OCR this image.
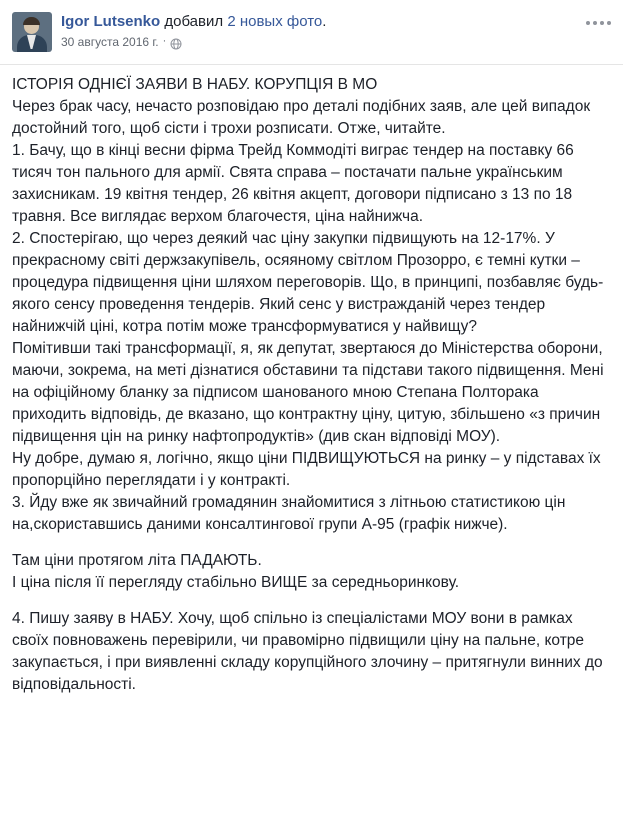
Igor Lutsenko добавил 2 новых фото.
30 августа 2016 г. ·

ІСТОРІЯ ОДНІЄЇ ЗАЯВИ В НАБУ. КОРУПЦІЯ В МО

Через брак часу, нечасто розповідаю про деталі подібних заяв, але цей випадок достойний того, щоб сісти і трохи розписати. Отже, читайте.

1. Бачу, що в кінці весни фірма Трейд Коммодіті виграє тендер на поставку 66 тисяч тон пального для армії. Свята справа – постачати пальне українським захисникам. 19 квітня тендер, 26 квітня акцепт, договори підписано з 13 по 18 травня. Все виглядає верхом благочестя, ціна найнижча.

2. Спостерігаю, що через деякий час ціну закупки підвищують на 12-17%. У прекрасному світі держзакупівель, осяяному світлом Прозорро, є темні кутки – процедура підвищення ціни шляхом переговорів. Що, в принципі, позбавляє будь-якого сенсу проведення тендерів. Який сенс у вистражданій через тендер найнижчій ціні, котра потім може трансформуватися у найвищу?

Помітивши такі трансформації, я, як депутат, звертаюся до Міністерства оборони, маючи, зокрема, на меті дізнатися обставини та підстави такого підвищення. Мені на офіційному бланку за підписом шанованого мною Степана Полторака приходить відповідь, де вказано, що контрактну ціну, цитую, збільшено «з причин підвищення цін на ринку нафтопродуктів» (див скан відповіді МОУ).

Ну добре, думаю я, логічно, якщо ціни ПІДВИЩУЮТЬСЯ на ринку – у підставах їх пропорційно переглядати і у контракті.

3. Йду вже як звичайний громадянин знайомитися з літньою статистикою цін на,скориставшись даними консалтингової групи А-95 (графік нижче).

Там ціни протягом літа ПАДАЮТЬ.

І ціна після її перегляду стабільно ВИЩЕ за середньоринкову.

4. Пишу заяву в НАБУ. Хочу, щоб спільно із спеціалістами МОУ вони в рамках своїх повноважень перевірили, чи правомірно підвищили ціну на пальне, котре закупається, і при виявленні складу корупційного злочину – притягнули винних до відповідальності.
